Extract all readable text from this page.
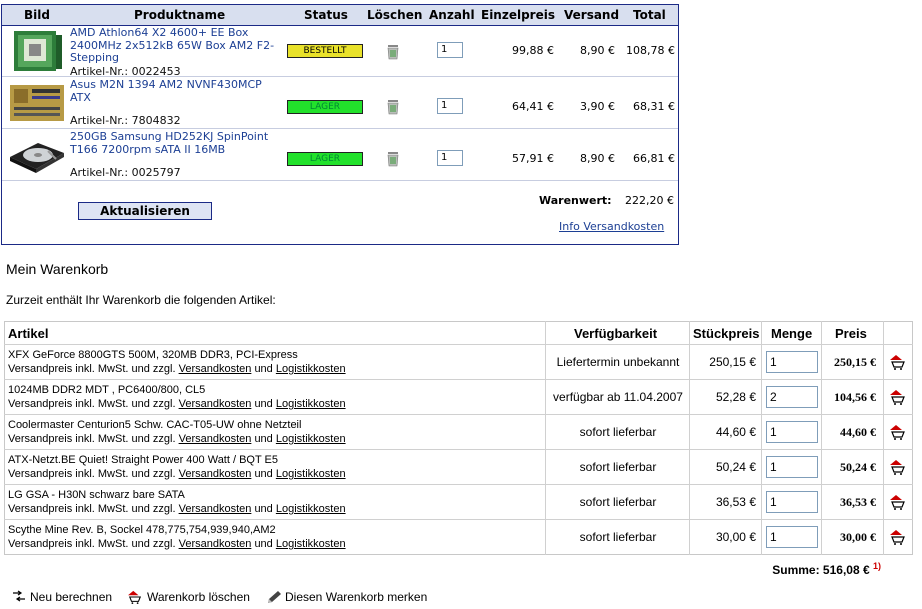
Bild	Produktname	Status Löschen Anzahl Einzelpreis Versand Total
AMD Athlon64 X2 4600+ EE Box 2400MHz 2x512kB 65W Box AM2 F2-Stepping
Artikel-Nr.: 0022453
BESTELLT	1	99,88 €	8,90 €	108,78 €
Asus M2N 1394 AM2 NVNF430MCP ATX
Artikel-Nr.: 7804832
LAGER	1	64,41 €	3,90 €	68,31 €
250GB Samsung HD252KJ SpinPoint T166 7200rpm sATA II 16MB
Artikel-Nr.: 0025797
LAGER	1	57,91 €	8,90 €	66,81 €
Aktualisieren
Warenwert: 222,20 €
Info Versandkosten
Mein Warenkorb
Zurzeit enthält Ihr Warenkorb die folgenden Artikel:
Artikel	Verfügbarkeit	Stückpreis Menge Preis
XFX GeForce 8800GTS 500M, 320MB DDR3, PCI-Express
Versandpreis inkl. MwSt. und zzgl. Versandkosten und Logistikkosten	Liefertermin unbekannt	250,15 €	1	250,15 €
1024MB DDR2 MDT , PC6400/800, CL5
Versandpreis inkl. MwSt. und zzgl. Versandkosten und Logistikkosten	verfügbar ab 11.04.2007	52,28 €	2	104,56 €
Coolermaster Centurion5 Schw. CAC-T05-UW ohne Netzteil
Versandpreis inkl. MwSt. und zzgl. Versandkosten und Logistikkosten	sofort lieferbar	44,60 €	1	44,60 €
ATX-Netzt.BE Quiet! Straight Power 400 Watt / BQT E5
Versandpreis inkl. MwSt. und zzgl. Versandkosten und Logistikkosten	sofort lieferbar	50,24 €	1	50,24 €
LG GSA - H30N schwarz bare SATA
Versandpreis inkl. MwSt. und zzgl. Versandkosten und Logistikkosten	sofort lieferbar	36,53 €	1	36,53 €
Scythe Mine Rev. B, Sockel 478,775,754,939,940,AM2
Versandpreis inkl. MwSt. und zzgl. Versandkosten und Logistikkosten	sofort lieferbar	30,00 €	1	30,00 €
Summe: 516,08 € $^{1)}$
Neu berechnen	Warenkorb löschen	Diesen Warenkorb merken
